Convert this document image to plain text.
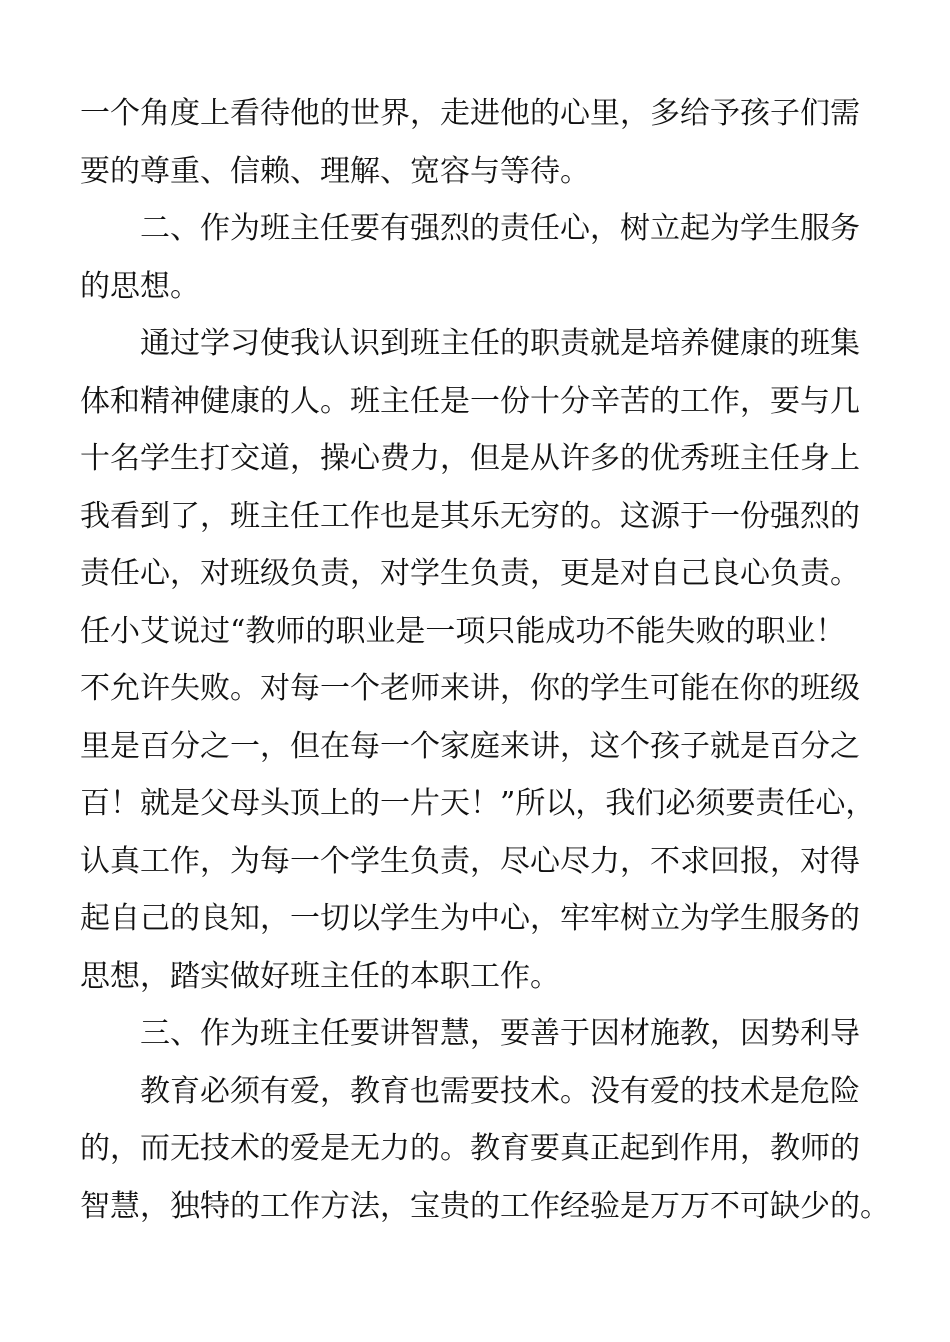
一个角度上看待他的世界，走进他的心里，多给予孩子们需
要的尊重、信赖、理解、宽容与等待。
二、作为班主任要有强烈的责任心，树立起为学生服务
的思想。
通过学习使我认识到班主任的职责就是培养健康的班集
体和精神健康的人。班主任是一份十分辛苦的工作，要与几
十名学生打交道，操心费力，但是从许多的优秀班主任身上
我看到了，班主任工作也是其乐无穷的。这源于一份强烈的
责任心，对班级负责，对学生负责，更是对自己良心负责。
任小艾说过“教师的职业是一项只能成功不能失败的职业！
不允许失败。对每一个老师来讲，你的学生可能在你的班级
里是百分之一，但在每一个家庭来讲，这个孩子就是百分之
百！就是父母头顶上的一片天！”所以，我们必须要责任心，
认真工作，为每一个学生负责，尽心尽力，不求回报，对得
起自己的良知，一切以学生为中心，牢牢树立为学生服务的
思想，踏实做好班主任的本职工作。
三、作为班主任要讲智慧，要善于因材施教，因势利导
教育必须有爱，教育也需要技术。没有爱的技术是危险
的，而无技术的爱是无力的。教育要真正起到作用，教师的
智慧，独特的工作方法，宝贵的工作经验是万万不可缺少的。
